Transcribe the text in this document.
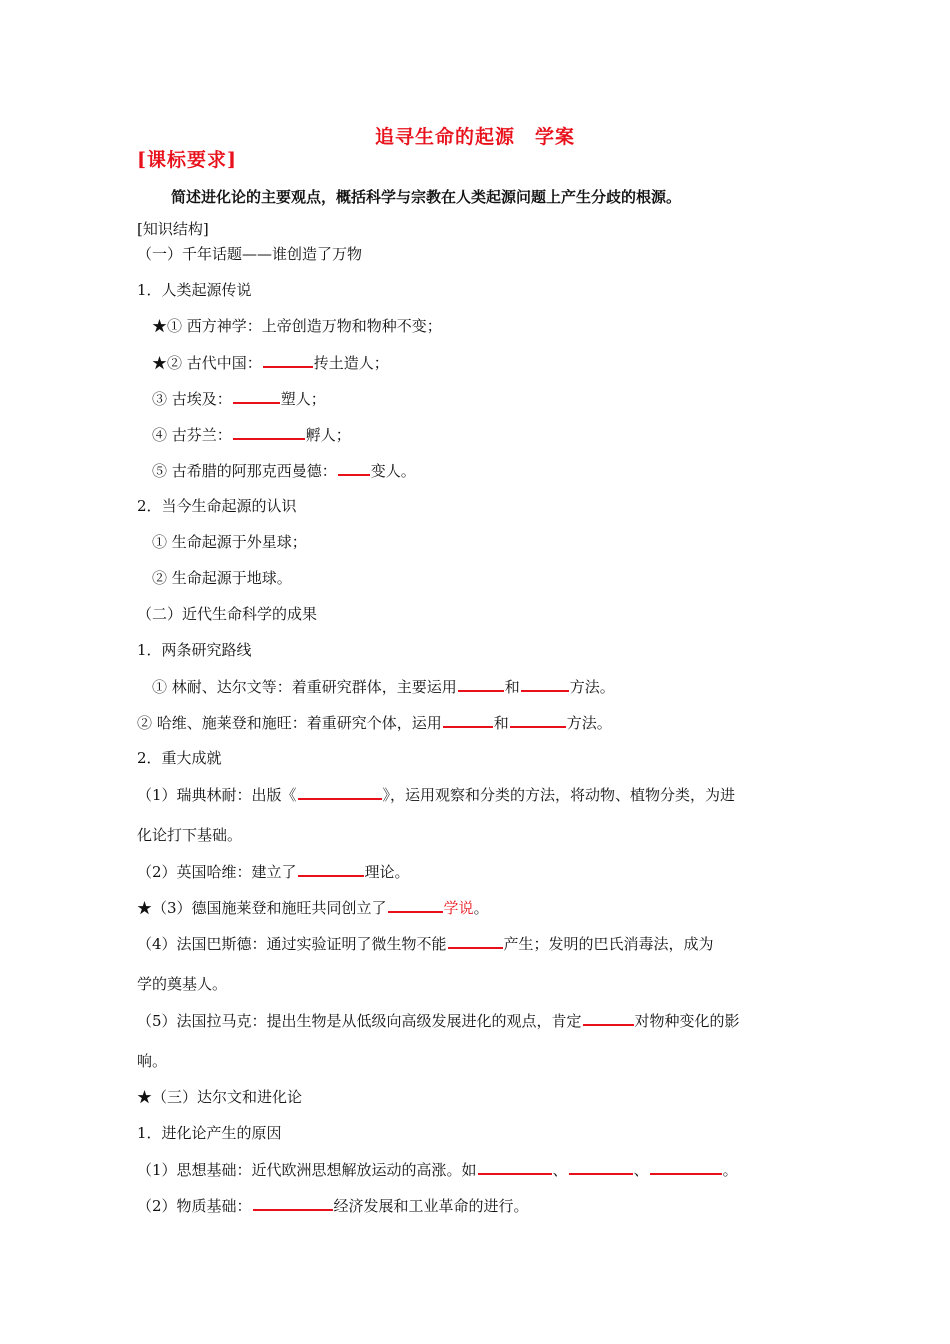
追寻生命的起源　学案
[课标要求]
简述进化论的主要观点，概括科学与宗教在人类起源问题上产生分歧的根源。
[知识结构]
（一）千年话题——谁创造了万物
1．人类起源传说
★① 西方神学：上帝创造万物和物种不变；
★② 古代中国：	抟土造人；
③ 古埃及：	塑人；
④ 古芬兰：	孵人；
⑤ 古希腊的阿那克西曼德： 变人。
2．当今生命起源的认识
① 生命起源于外星球；
② 生命起源于地球。
（二）近代生命科学的成果
1．两条研究路线
① 林耐、达尔文等：着重研究群体，主要运用	和	方法。
② 哈维、施莱登和施旺：着重研究个体，运用	和	方法。
2．重大成就
（1）瑞典林耐：出版《	》，运用观察和分类的方法，将动物、植物分类，为进
化论打下基础。
（2）英国哈维：建立了	理论。
★（3）德国施莱登和施旺共同创立了	学说。
（4）法国巴斯德：通过实验证明了微生物不能	产生；发明的巴氏消毒法，成为
学的奠基人。
（5）法国拉马克：提出生物是从低级向高级发展进化的观点，肯定	对物种变化的影
响。
★（三）达尔文和进化论
1．进化论产生的原因
（1）思想基础：近代欧洲思想解放运动的高涨。如	、	、	。
（2）物质基础：	经济发展和工业革命的进行。
